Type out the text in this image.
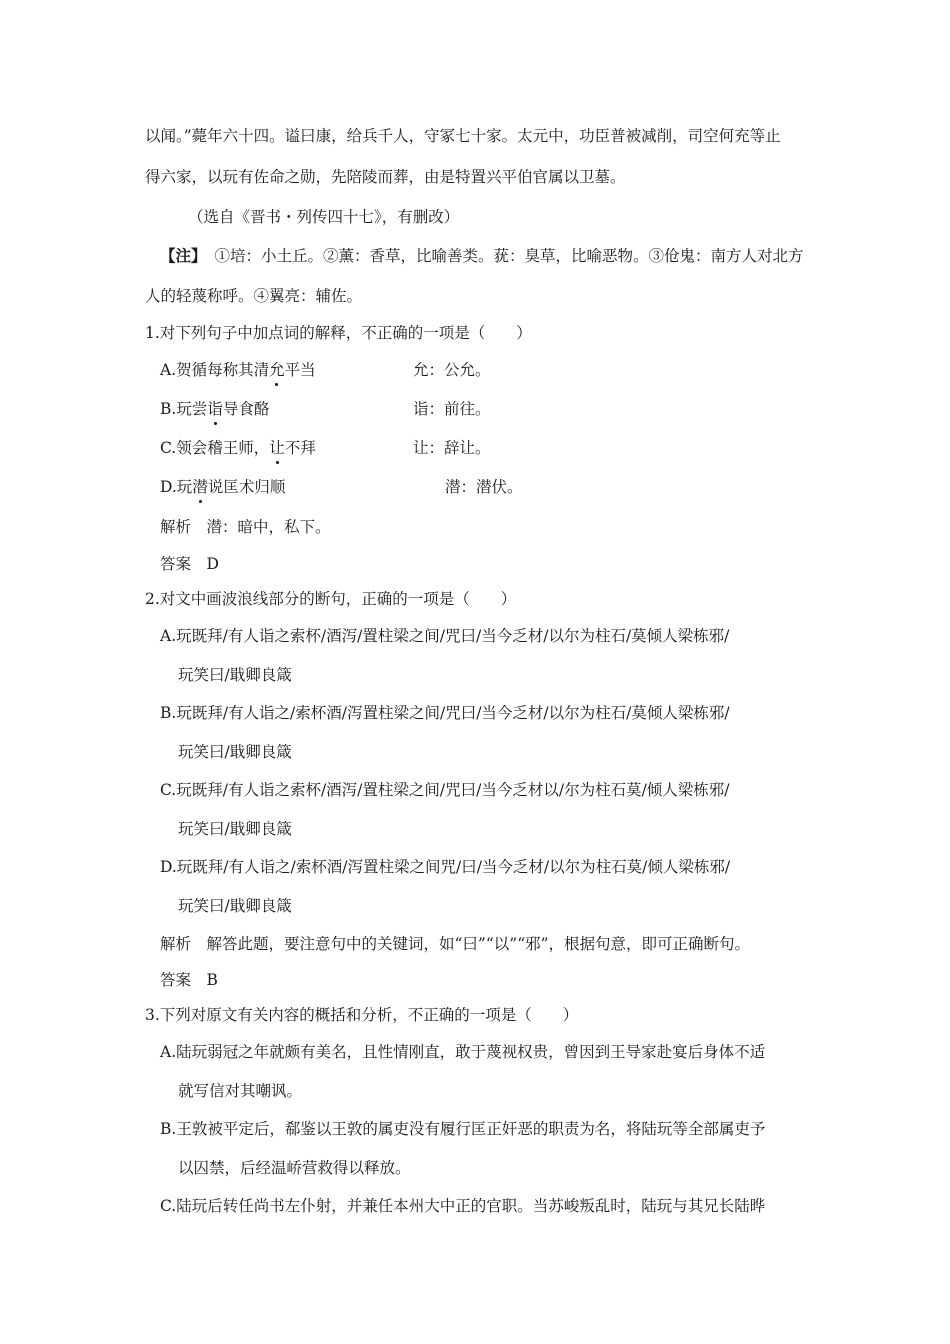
以闻。”薨年六十四。谥曰康，给兵千人，守冢七十家。太元中，功臣普被减削，司空何充等止
得六家，以玩有佐命之勋，先陪陵而葬，由是特置兴平伯官属以卫墓。
（选自《晋书・列传四十七》，有删改）
【注】 ①培：小土丘。②薰：香草，比喻善类。莸：臭草，比喻恶物。③伧鬼：南方人对北方
人的轻蔑称呼。④翼亮：辅佐。
1.对下列句子中加点词的解释，不正确的一项是（　　）
A.贺循每称其清允平当	允：公允。
B.玩尝诣导食酪	诣：前往。
C.领会稽王师，让不拜	让：辞让。
D.玩潜说匡术归顺	潜：潜伏。
解析　潜：暗中，私下。
答案　D
2.对文中画波浪线部分的断句，正确的一项是（　　）
A.玩既拜/有人诣之索杯/酒泻/置柱梁之间/咒曰/当今乏材/以尔为柱石/莫倾人梁栋邪/
玩笑曰/戢卿良箴
B.玩既拜/有人诣之/索杯酒/泻置柱梁之间/咒曰/当今乏材/以尔为柱石/莫倾人梁栋邪/
玩笑曰/戢卿良箴
C.玩既拜/有人诣之索杯/酒泻/置柱梁之间/咒曰/当今乏材以/尔为柱石莫/倾人梁栋邪/
玩笑曰/戢卿良箴
D.玩既拜/有人诣之/索杯酒/泻置柱梁之间咒/曰/当今乏材/以尔为柱石莫/倾人梁栋邪/
玩笑曰/戢卿良箴
解析　解答此题，要注意句中的关键词，如“曰”“以”“邪”，根据句意，即可正确断句。
答案　B
3.下列对原文有关内容的概括和分析，不正确的一项是（　　）
A.陆玩弱冠之年就颇有美名，且性情刚直，敢于蔑视权贵，曾因到王导家赴宴后身体不适
就写信对其嘲讽。
B.王敦被平定后，郗鉴以王敦的属吏没有履行匡正奸恶的职责为名，将陆玩等全部属吏予
以囚禁，后经温峤营救得以释放。
C.陆玩后转任尚书左仆射，并兼任本州大中正的官职。当苏峻叛乱时，陆玩与其兄长陆晔
